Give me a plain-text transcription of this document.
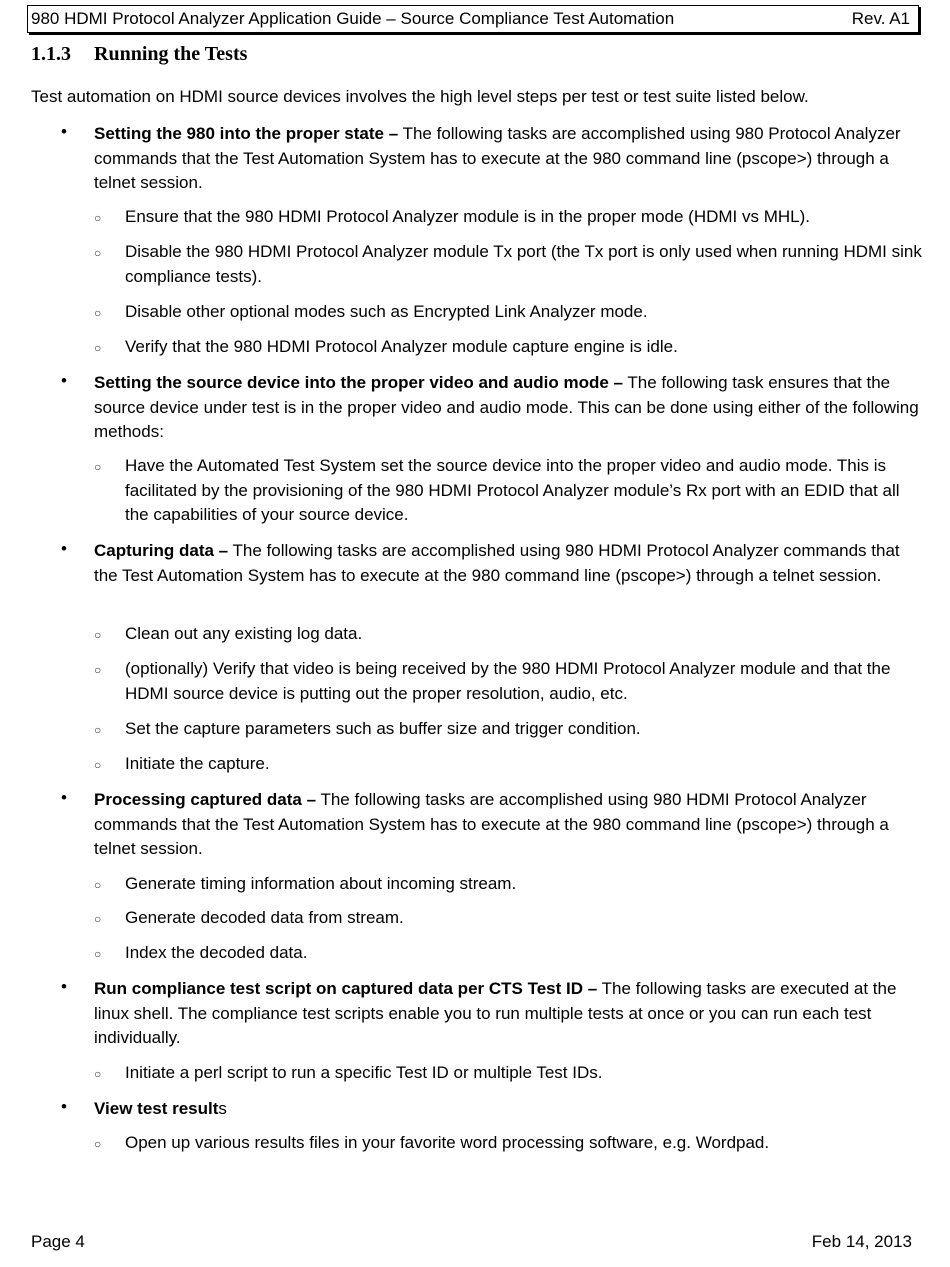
980 HDMI Protocol Analyzer Application Guide – Source Compliance Test Automation	Rev. A1
1.1.3 Running the Tests
Test automation on HDMI source devices involves the high level steps per test or test suite listed below.
•	Setting the 980 into the proper state – The following tasks are accomplished using 980 Protocol Analyzer commands that the Test Automation System has to execute at the 980 command line (pscope>) through a telnet session.
○ Ensure that the 980 HDMI Protocol Analyzer module is in the proper mode (HDMI vs MHL).
○ Disable the 980 HDMI Protocol Analyzer module Tx port (the Tx port is only used when running HDMI sink compliance tests).
○ Disable other optional modes such as Encrypted Link Analyzer mode.
○ Verify that the 980 HDMI Protocol Analyzer module capture engine is idle.
•	Setting the source device into the proper video and audio mode – The following task ensures that the source device under test is in the proper video and audio mode. This can be done using either of the following methods:
○ Have the Automated Test System set the source device into the proper video and audio mode. This is facilitated by the provisioning of the 980 HDMI Protocol Analyzer module’s Rx port with an EDID that all the capabilities of your source device.
•	Capturing data – The following tasks are accomplished using 980 HDMI Protocol Analyzer commands that the Test Automation System has to execute at the 980 command line (pscope>) through a telnet session.
○ Clean out any existing log data.
○ (optionally) Verify that video is being received by the 980 HDMI Protocol Analyzer module and that the HDMI source device is putting out the proper resolution, audio, etc.
○ Set the capture parameters such as buffer size and trigger condition.
○ Initiate the capture.
•	Processing captured data – The following tasks are accomplished using 980 HDMI Protocol Analyzer commands that the Test Automation System has to execute at the 980 command line (pscope>) through a telnet session.
○ Generate timing information about incoming stream.
○ Generate decoded data from stream.
○ Index the decoded data.
•	Run compliance test script on captured data per CTS Test ID – The following tasks are executed at the linux shell. The compliance test scripts enable you to run multiple tests at once or you can run each test individually.
○ Initiate a perl script to run a specific Test ID or multiple Test IDs.
•	View test results
○ Open up various results files in your favorite word processing software, e.g. Wordpad.
Page 4	Feb 14, 2013
